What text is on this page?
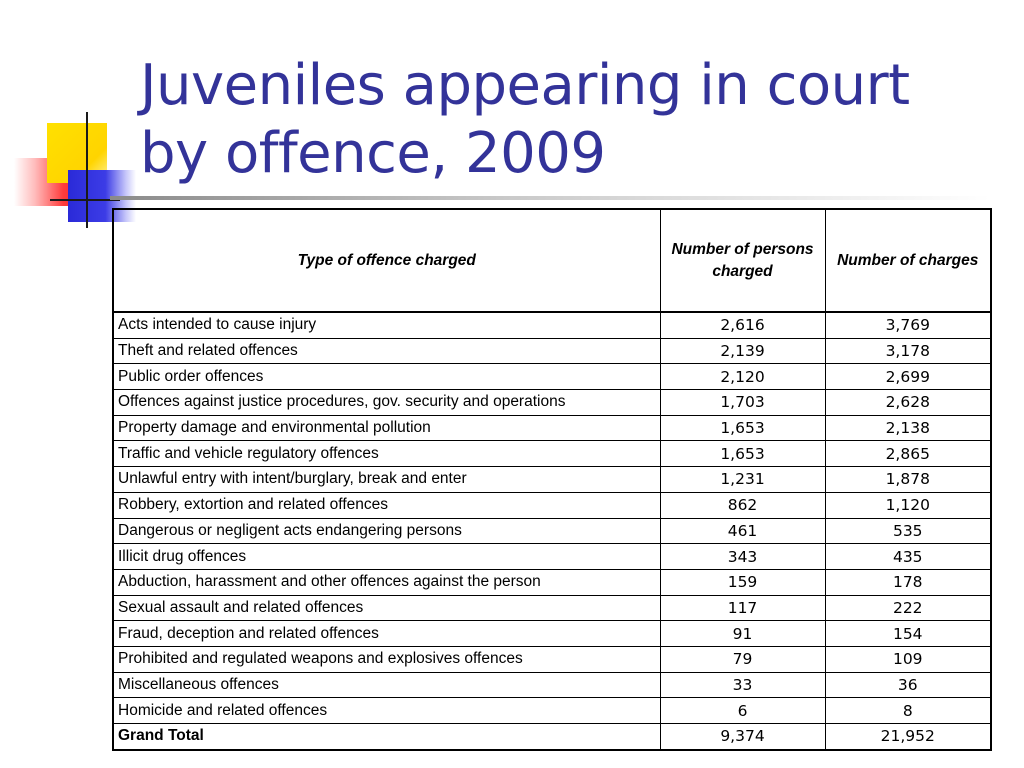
Juveniles appearing in court
by offence, 2009
Type of offence charged	Number of persons charged	Number of charges
Acts intended to cause injury	2,616	3,769
Theft and related offences	2,139	3,178
Public order offences	2,120	2,699
Offences against justice procedures, gov. security and operations	1,703	2,628
Property damage and environmental pollution	1,653	2,138
Traffic and vehicle regulatory offences	1,653	2,865
Unlawful entry with intent/burglary, break and enter	1,231	1,878
Robbery, extortion and related offences	862	1,120
Dangerous or negligent acts endangering persons	461	535
Illicit drug offences	343	435
Abduction, harassment and other offences against the person	159	178
Sexual assault and related offences	117	222
Fraud, deception and related offences	91	154
Prohibited and regulated weapons and explosives offences	79	109
Miscellaneous offences	33	36
Homicide and related offences	6	8
Grand Total	9,374	21,952
